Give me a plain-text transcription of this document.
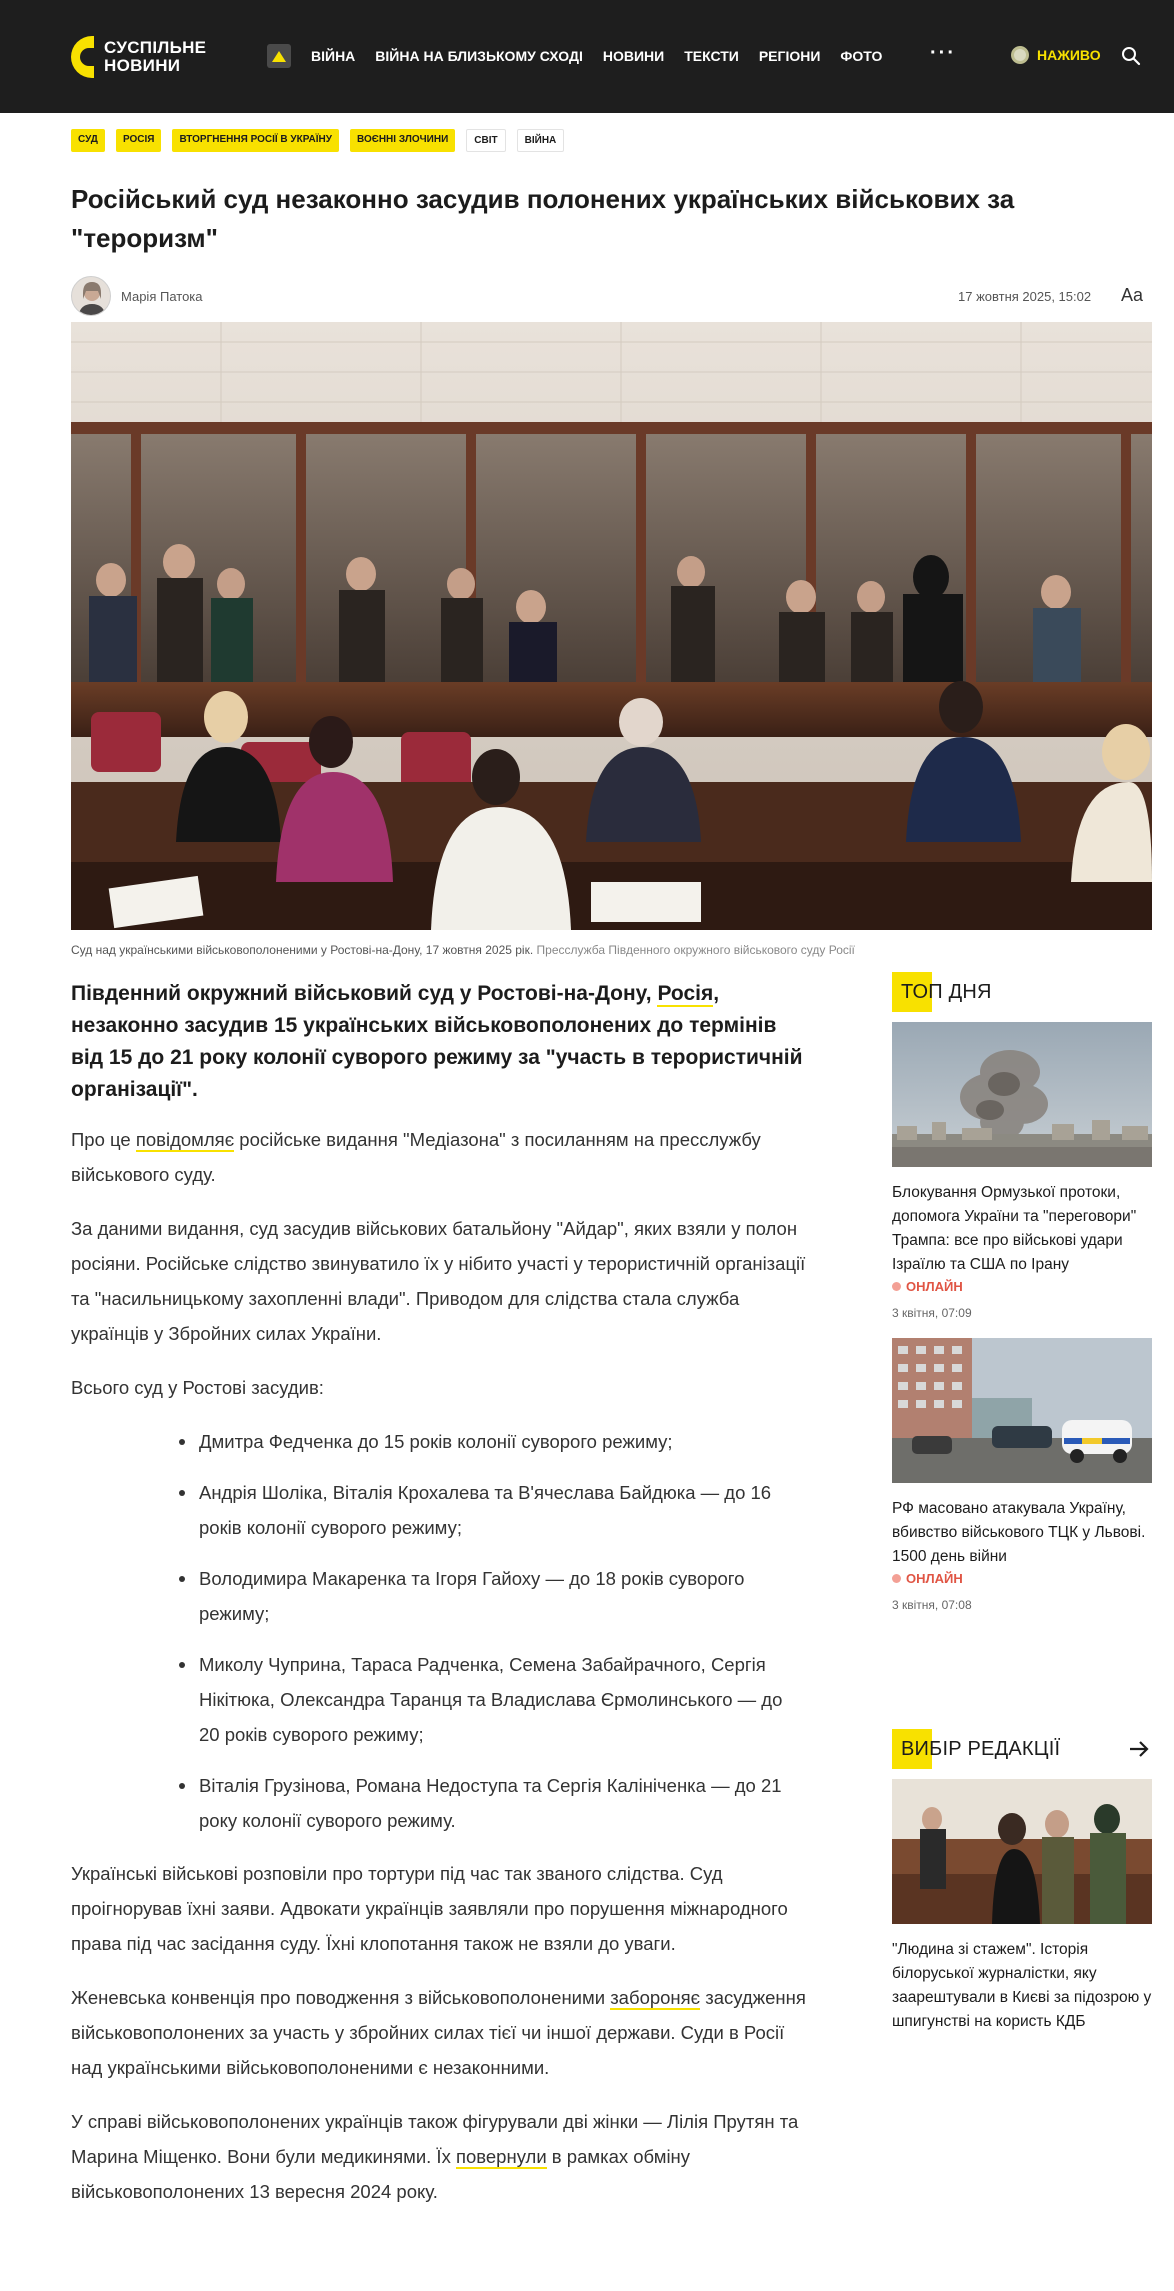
СУСПІЛЬНЕ
НОВИНИ	ВІЙНА ВІЙНА НА БЛИЗЬКОМУ СХОДІ НОВИНИ ТЕКСТИ РЕГІОНИ ФОТО ···	НАЖИВО
СУД	РОСІЯ	ВТОРГНЕННЯ РОСІЇ В УКРАЇНУ	ВОЄННІ ЗЛОЧИНИ	СВІТ	ВІЙНА
Російський суд незаконно засудив полонених українських військових за "тероризм"
Марія Патока	17 жовтня 2025, 15:02 Aa
Суд над українськими військовополоненими у Ростові-на-Дону, 17 жовтня 2025 рік. Пресслужба Південного окружного військового суду Росії

Південний окружний військовий суд у Ростові-на-Дону, Росія, незаконно засудив 15 українських військовополонених до термінів від 15 до 21 року колонії суворого режиму за "участь в терористичній організації".

Про це повідомляє російське видання "Медіазона" з посиланням на пресслужбу військового суду.

За даними видання, суд засудив військових батальйону "Айдар", яких взяли у полон росіяни. Російське слідство звинуватило їх у нібито участі у терористичній організації та "насильницькому захопленні влади". Приводом для слідства стала служба українців у Збройних силах України.

Всього суд у Ростові засудив:

Дмитра Федченка до 15 років колонії суворого режиму;
Андрія Шоліка, Віталія Крохалева та В'ячеслава Байдюка — до 16 років колонії суворого режиму;
Володимира Макаренка та Ігоря Гайоху — до 18 років суворого режиму;
Миколу Чуприна, Тараса Радченка, Семена Забайрачного, Сергія Нікітюка, Олександра Таранця та Владислава Єрмолинського — до 20 років суворого режиму;
Віталія Грузінова, Романа Недоступа та Сергія Калініченка — до 21 року колонії суворого режиму.

Українські військові розповіли про тортури під час так званого слідства. Суд проігнорував їхні заяви. Адвокати українців заявляли про порушення міжнародного права під час засідання суду. Їхні клопотання також не взяли до уваги.

Женевська конвенція про поводження з військовополоненими забороняє засудження військовополонених за участь у збройних силах тієї чи іншої держави. Суди в Росії над українськими військовополоненими є незаконними.

У справі військовополонених українців також фігурували дві жінки — Лілія Прутян та Марина Міщенко. Вони були медикинями. Їх повернули в рамках обміну військовополонених 13 вересня 2024 року.

ТОП ДНЯ
Блокування Ормузької протоки, допомога України та "переговори" Трампа: все про військові удари Ізраїлю та США по Ірану
ОНЛАЙН
3 квітня, 07:09
РФ масовано атакувала Україну, вбивство військового ТЦК у Львові. 1500 день війни
ОНЛАЙН
3 квітня, 07:08
ВИБІР РЕДАКЦІЇ
"Людина зі стажем". Історія білоруської журналістки, яку заарештували в Києві за підозрою у шпигунстві на користь КДБ
